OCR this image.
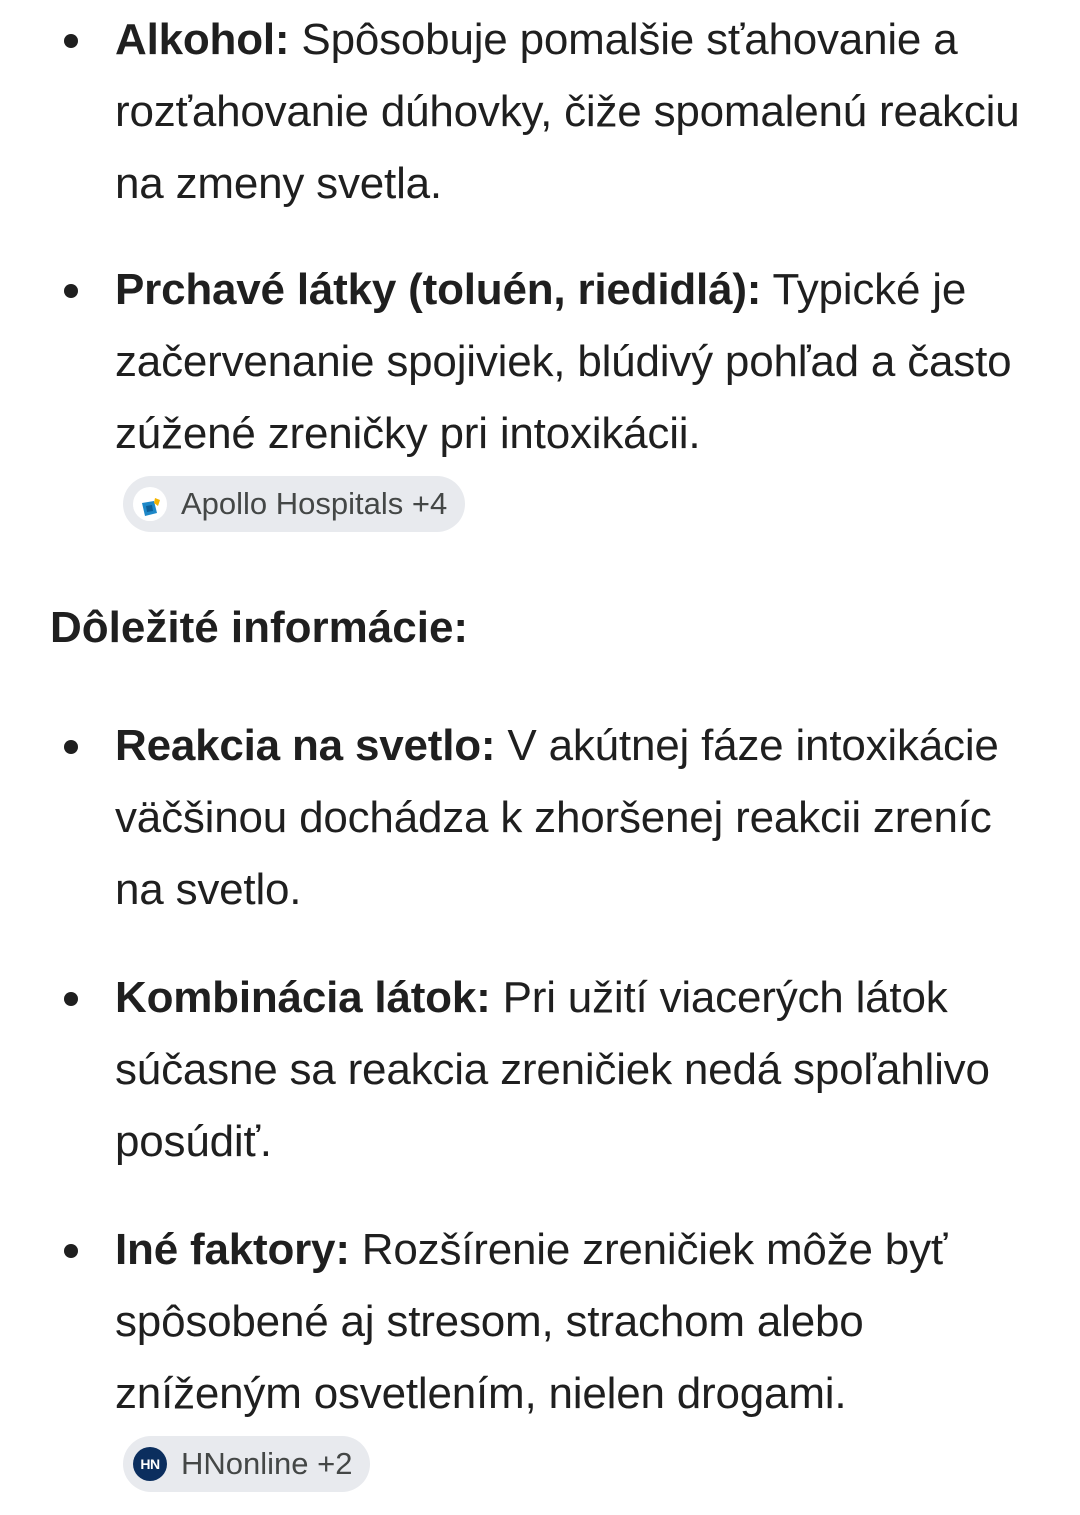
Alkohol: Spôsobuje pomalšie sťahovanie a rozťahovanie dúhovky, čiže spomalenú reakciu na zmeny svetla.
Prchavé látky (toluén, riedidlá): Typické je začervenanie spojiviek, blúdivý pohľad a často zúžené zreničky pri intoxikácii.
Apollo Hospitals +4
Dôležité informácie:
Reakcia na svetlo: V akútnej fáze intoxikácie väčšinou dochádza k zhoršenej reakcii zreníc na svetlo.
Kombinácia látok: Pri užití viacerých látok súčasne sa reakcia zreničiek nedá spoľahlivo posúdiť.
Iné faktory: Rozšírenie zreničiek môže byť spôsobené aj stresom, strachom alebo zníženým osvetlením, nielen drogami.
HN HNonline +2
